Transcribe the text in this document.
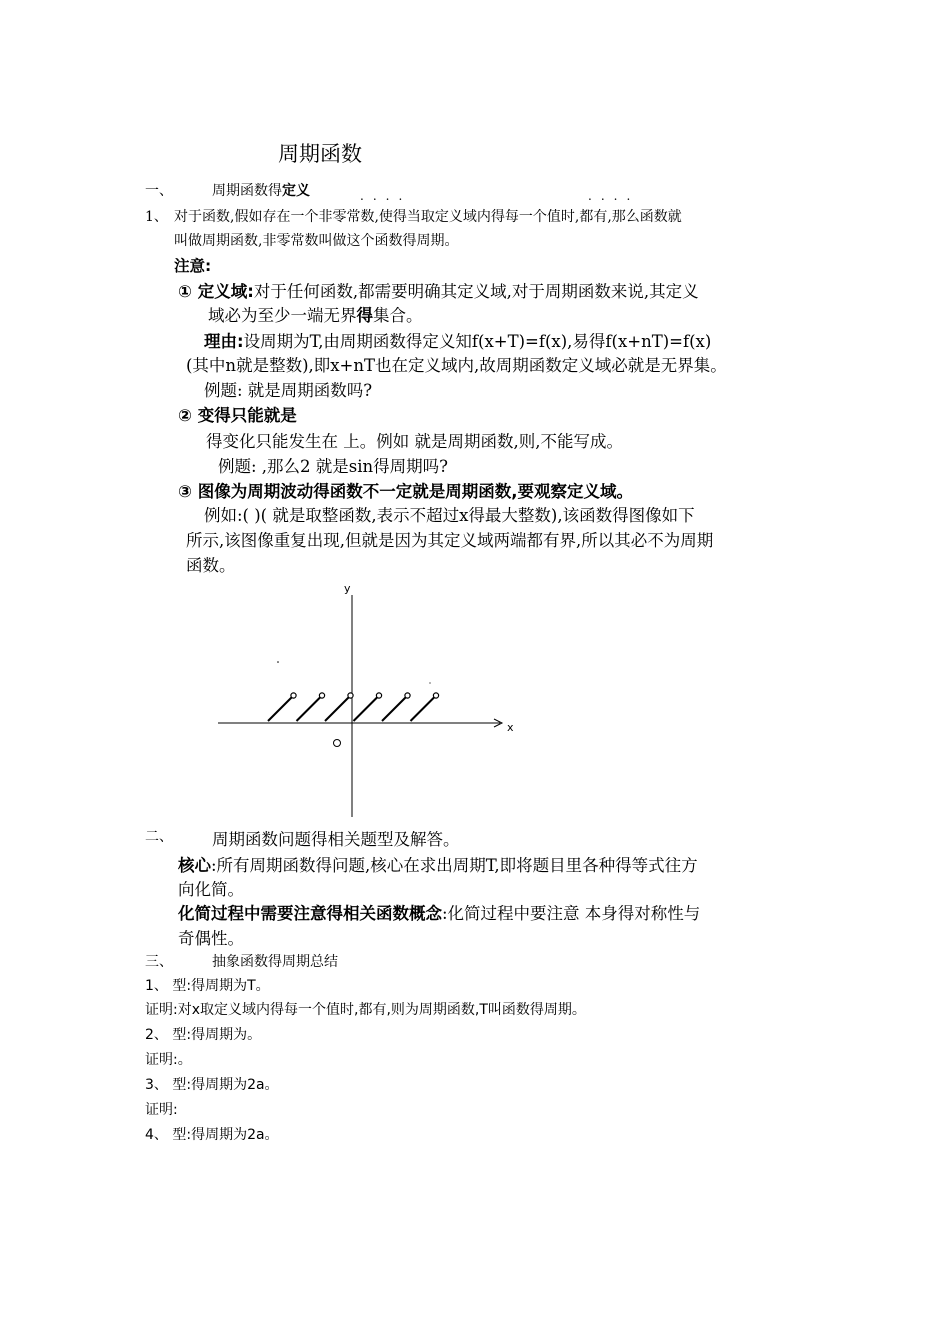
周期函数
一、	周期函数得定义	....	....
1、 对于函数,假如存在一个非零常数,使得当取定义域内得每一个值时,都有,那么函数就
叫做周期函数,非零常数叫做这个函数得周期。
注意:
① 定义域:对于任何函数,都需要明确其定义域,对于周期函数来说,其定义
域必为至少一端无界得集合。
理由:设周期为T,由周期函数得定义知f(x+T)=f(x),易得f(x+nT)=f(x)
(其中n就是整数),即x+nT也在定义域内,故周期函数定义域必就是无界集。
例题: 就是周期函数吗?
② 变得只能就是
得变化只能发生在 上。例如 就是周期函数,则,不能写成。
例题: ,那么2 就是sin得周期吗?
③ 图像为周期波动得函数不一定就是周期函数,要观察定义域。
例如:( )( 就是取整函数,表示不超过x得最大整数),该函数得图像如下
所示,该图像重复出现,但就是因为其定义域两端都有界,所以其必不为周期
函数。
y
x
二、 周期函数问题得相关题型及解答。
核心:所有周期函数得问题,核心在求出周期T,即将题目里各种得等式往方
向化简。
化简过程中需要注意得相关函数概念:化简过程中要注意 本身得对称性与
奇偶性。
三、	抽象函数得周期总结
1、 型:得周期为T。
证明:对x取定义域内得每一个值时,都有,则为周期函数,T叫函数得周期。
2、 型:得周期为。
证明:。
3、 型:得周期为2a。
证明:
4、 型:得周期为2a。
